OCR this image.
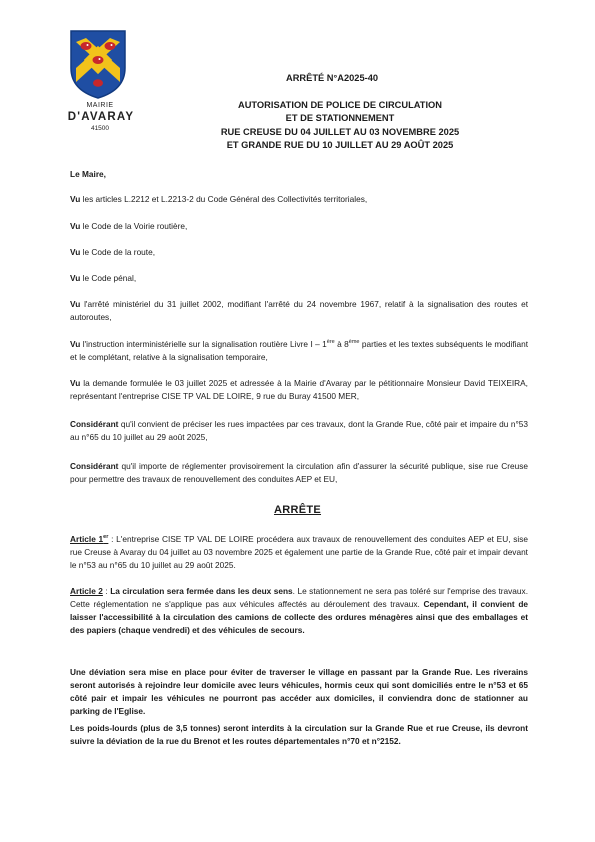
MAIRIE
D'AVARAY
41500
ARRÊTÉ N°A2025-40
AUTORISATION DE POLICE DE CIRCULATION
ET DE STATIONNEMENT
RUE CREUSE DU 04 JUILLET AU 03 NOVEMBRE 2025
ET GRANDE RUE DU 10 JUILLET AU 29 AOÛT 2025
Le Maire,
Vu les articles L.2212 et L.2213-2 du Code Général des Collectivités territoriales,
Vu le Code de la Voirie routière,
Vu le Code de la route,
Vu le Code pénal,
Vu l'arrêté ministériel du 31 juillet 2002, modifiant l'arrêté du 24 novembre 1967, relatif à la signalisation des routes et autoroutes,
Vu l'instruction interministérielle sur la signalisation routière Livre I – 1ère à 8ème parties et les textes subséquents le modifiant et le complétant, relative à la signalisation temporaire,
Vu la demande formulée le 03 juillet 2025 et adressée à la Mairie d'Avaray par le pétitionnaire Monsieur David TEIXEIRA, représentant l'entreprise CISE TP VAL DE LOIRE, 9 rue du Buray 41500 MER,
Considérant qu'il convient de préciser les rues impactées par ces travaux, dont la Grande Rue, côté pair et impaire du n°53 au n°65 du 10 juillet au 29 août 2025,
Considérant qu'il importe de réglementer provisoirement la circulation afin d'assurer la sécurité publique, sise rue Creuse pour permettre des travaux de renouvellement des conduites AEP et EU,
ARRÊTE
Article 1er : L'entreprise CISE TP VAL DE LOIRE procédera aux travaux de renouvellement des conduites AEP et EU, sise rue Creuse à Avaray du 04 juillet au 03 novembre 2025 et également une partie de la Grande Rue, côté pair et impair devant le n°53 au n°65 du 10 juillet au 29 août 2025.
Article 2 : La circulation sera fermée dans les deux sens. Le stationnement ne sera pas toléré sur l'emprise des travaux. Cette réglementation ne s'applique pas aux véhicules affectés au déroulement des travaux. Cependant, il convient de laisser l'accessibilité à la circulation des camions de collecte des ordures ménagères ainsi que des emballages et des papiers (chaque vendredi) et des véhicules de secours.
Une déviation sera mise en place pour éviter de traverser le village en passant par la Grande Rue. Les riverains seront autorisés à rejoindre leur domicile avec leurs véhicules, hormis ceux qui sont domiciliés entre le n°53 et 65 côté pair et impair les véhicules ne pourront pas accéder aux domiciles, il conviendra donc de stationner au parking de l'Eglise.
Les poids-lourds (plus de 3,5 tonnes) seront interdits à la circulation sur la Grande Rue et rue Creuse, ils devront suivre la déviation de la rue du Brenot et les routes départementales n°70 et n°2152.
